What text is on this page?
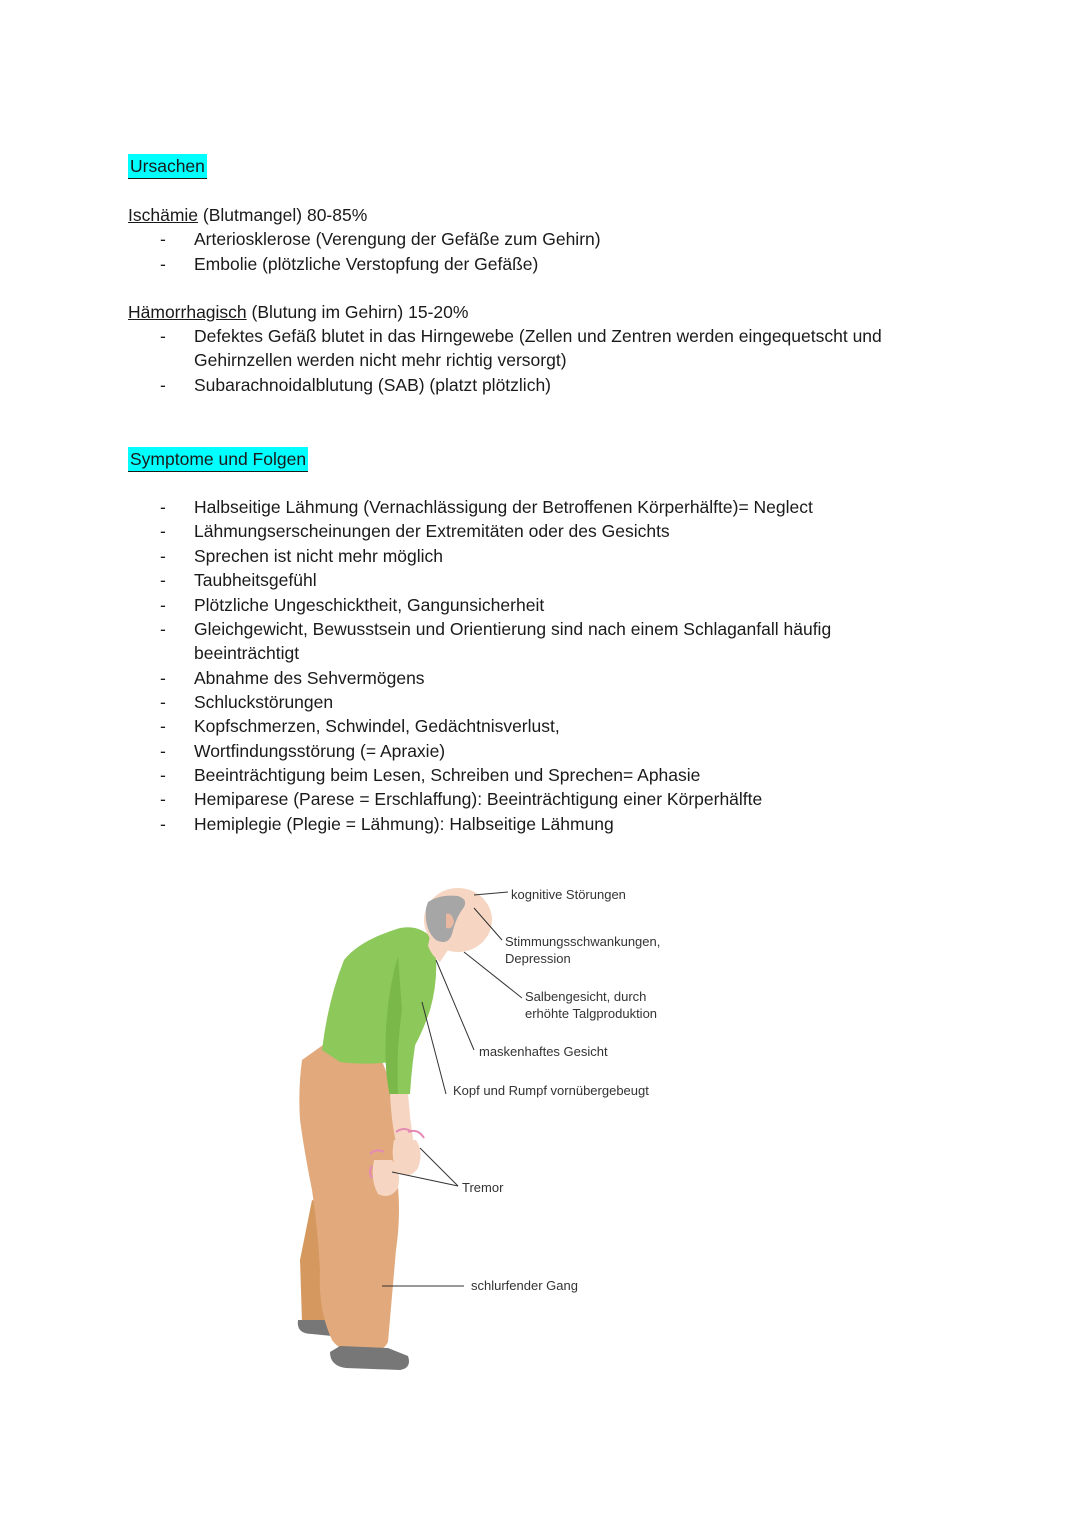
Ursachen
Ischämie (Blutmangel) 80-85%
- Arteriosklerose (Verengung der Gefäße zum Gehirn)
- Embolie (plötzliche Verstopfung der Gefäße)
Hämorrhagisch (Blutung im Gehirn) 15-20%
- Defektes Gefäß blutet in das Hirngewebe (Zellen und Zentren werden eingequetscht und Gehirnzellen werden nicht mehr richtig versorgt)
- Subarachnoidalblutung (SAB) (platzt plötzlich)
Symptome und Folgen
- Halbseitige Lähmung (Vernachlässigung der Betroffenen Körperhälfte)= Neglect
- Lähmungserscheinungen der Extremitäten oder des Gesichts
- Sprechen ist nicht mehr möglich
- Taubheitsgefühl
- Plötzliche Ungeschicktheit, Gangunsicherheit
- Gleichgewicht, Bewusstsein und Orientierung sind nach einem Schlaganfall häufig beeinträchtigt
- Abnahme des Sehvermögens
- Schluckstörungen
- Kopfschmerzen, Schwindel, Gedächtnisverlust,
- Wortfindungsstörung (= Apraxie)
- Beeinträchtigung beim Lesen, Schreiben und Sprechen= Aphasie
- Hemiparese (Parese = Erschlaffung): Beeinträchtigung einer Körperhälfte
- Hemiplegie (Plegie = Lähmung): Halbseitige Lähmung
kognitive Störungen
Stimmungsschwankungen,
Depression
Salbengesicht, durch
erhöhte Talgproduktion
maskenhaftes Gesicht
Kopf und Rumpf vornübergebeugt
Tremor
schlurfender Gang
